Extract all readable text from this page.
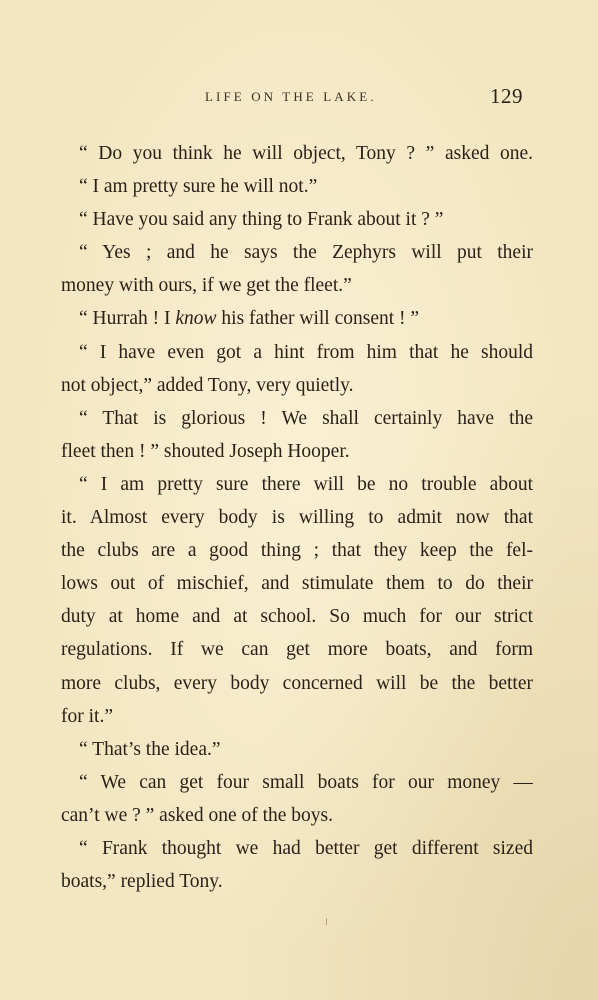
LIFE ON THE LAKE.	129
“ Do you think he will object, Tony ? ” asked one.
“ I am pretty sure he will not.”
“ Have you said any thing to Frank about it ? ”
“ Yes ; and he says the Zephyrs will put their
money with ours, if we get the fleet.”
“ Hurrah ! I know his father will consent ! ”
“ I have even got a hint from him that he should
not object,” added Tony, very quietly.
“ That is glorious ! We shall certainly have the
fleet then ! ” shouted Joseph Hooper.
“ I am pretty sure there will be no trouble about
it. Almost every body is willing to admit now that
the clubs are a good thing ; that they keep the fel-
lows out of mischief, and stimulate them to do their
duty at home and at school. So much for our strict
regulations. If we can get more boats, and form
more clubs, every body concerned will be the better
for it.”
“ That’s the idea.”
“ We can get four small boats for our money —
can’t we ? ” asked one of the boys.
“ Frank thought we had better get different sized
boats,” replied Tony.
